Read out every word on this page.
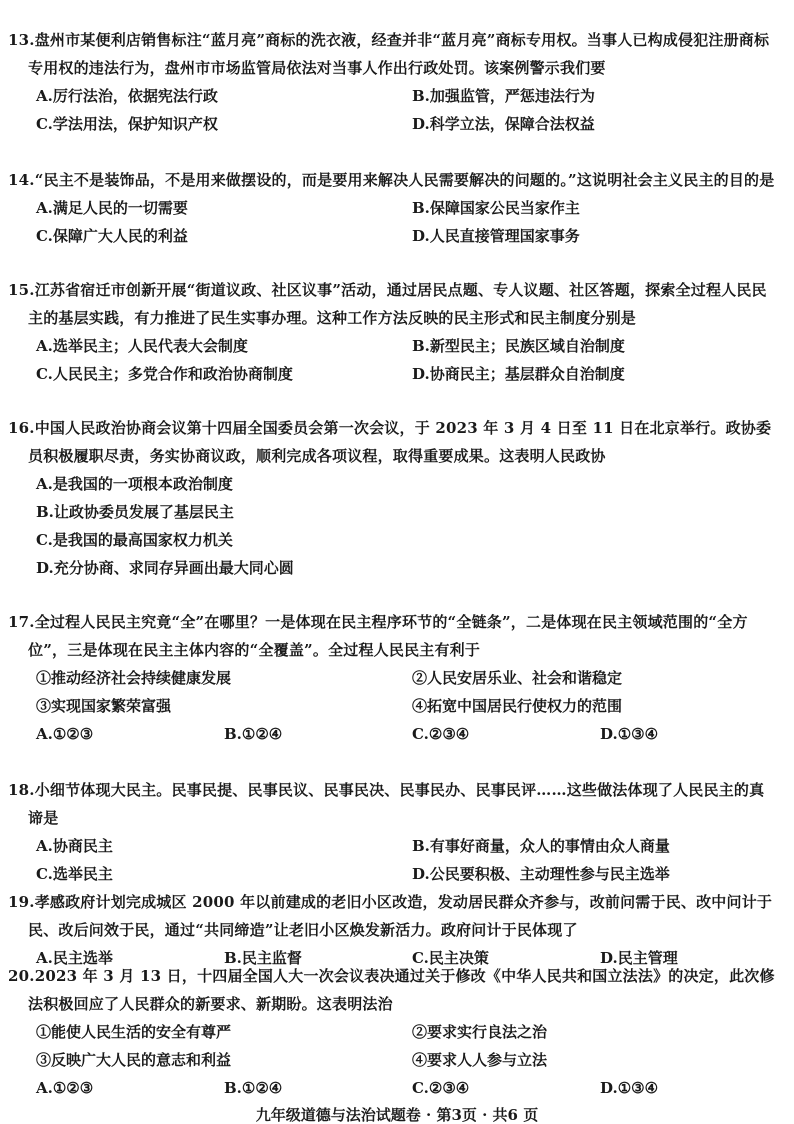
13.盘州市某便利店销售标注“蓝月亮”商标的洗衣液，经查并非“蓝月亮”商标专用权。当事人已构成侵犯注册商标专用权的违法行为，盘州市市场监管局依法对当事人作出行政处罚。该案例警示我们要

A.厉行法治，依据宪法行政	B.加强监管，严惩违法行为
C.学法用法，保护知识产权	D.科学立法，保障合法权益

14.“民主不是装饰品，不是用来做摆设的，而是要用来解决人民需要解决的问题的。”这说明社会主义民主的目的是

A.满足人民的一切需要	B.保障国家公民当家作主
C.保障广大人民的利益	D.人民直接管理国家事务

15.江苏省宿迁市创新开展“街道议政、社区议事”活动，通过居民点题、专人议题、社区答题，探索全过程人民民主的基层实践，有力推进了民生实事办理。这种工作方法反映的民主形式和民主制度分别是

A.选举民主；人民代表大会制度	B.新型民主；民族区域自治制度
C.人民民主；多党合作和政治协商制度	D.协商民主；基层群众自治制度

16.中国人民政治协商会议第十四届全国委员会第一次会议，于 2023 年 3 月 4 日至 11 日在北京举行。政协委员积极履职尽责，务实协商议政，顺利完成各项议程，取得重要成果。这表明人民政协

A.是我国的一项根本政治制度
B.让政协委员发展了基层民主
C.是我国的最高国家权力机关
D.充分协商、求同存异画出最大同心圆

17.全过程人民民主究竟“全”在哪里？一是体现在民主程序环节的“全链条”，二是体现在民主领域范围的“全方位”，三是体现在民主主体内容的“全覆盖”。全过程人民民主有利于

①推动经济社会持续健康发展	②人民安居乐业、社会和谐稳定
③实现国家繁荣富强	④拓宽中国居民行使权力的范围
A.①②③	B.①②④	C.②③④	D.①③④

18.小细节体现大民主。民事民提、民事民议、民事民决、民事民办、民事民评……这些做法体现了人民民主的真谛是

A.协商民主	B.有事好商量，众人的事情由众人商量
C.选举民主	D.公民要积极、主动理性参与民主选举

19.孝感政府计划完成城区 2000 年以前建成的老旧小区改造，发动居民群众齐参与，改前问需于民、改中问计于民、改后问效于民，通过“共同缔造”让老旧小区焕发新活力。政府问计于民体现了

A.民主选举	B.民主监督	C.民主决策	D.民主管理

20.2023 年 3 月 13 日，十四届全国人大一次会议表决通过关于修改《中华人民共和国立法法》的决定，此次修法积极回应了人民群众的新要求、新期盼。这表明法治

①能使人民生活的安全有尊严	②要求实行良法之治
③反映广大人民的意志和利益	④要求人人参与立法
A.①②③	B.①②④	C.②③④	D.①③④
九年级道德与法治试题卷 · 第3页 · 共6 页
